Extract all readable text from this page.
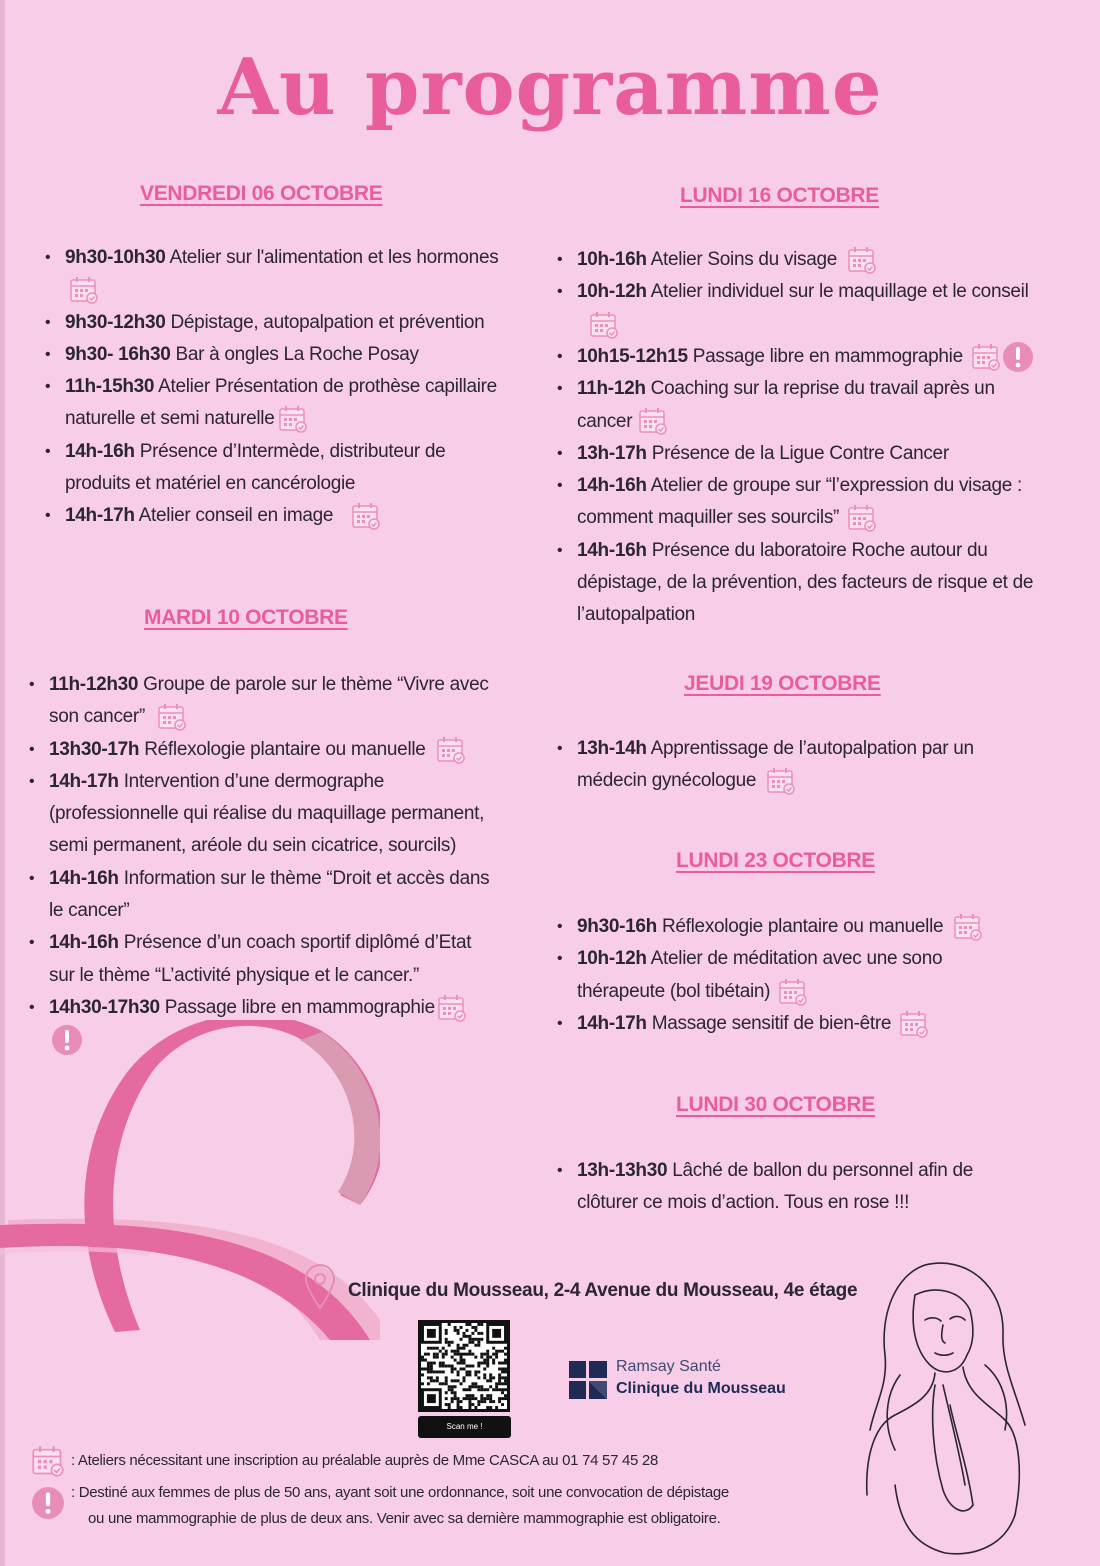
Au programme
VENDREDI 06 OCTOBRE
• 9h30-10h30 Atelier sur l'alimentation et les hormones
• 9h30-12h30 Dépistage, autopalpation et prévention
• 9h30- 16h30 Bar à ongles La Roche Posay
• 11h-15h30 Atelier Présentation de prothèse capillaire naturelle et semi naturelle
• 14h-16h Présence d’Intermède, distributeur de produits et matériel en cancérologie
• 14h-17h Atelier conseil en image
MARDI 10 OCTOBRE
• 11h-12h30 Groupe de parole sur le thème “Vivre avec son cancer”
• 13h30-17h Réflexologie plantaire ou manuelle
• 14h-17h Intervention d’une dermographe (professionnelle qui réalise du maquillage permanent, semi permanent, aréole du sein cicatrice, sourcils)
• 14h-16h Information sur le thème “Droit et accès dans le cancer”
• 14h-16h Présence d’un coach sportif diplômé d’Etat sur le thème “L’activité physique et le cancer.”
• 14h30-17h30 Passage libre en mammographie
LUNDI 16 OCTOBRE
• 10h-16h Atelier Soins du visage
• 10h-12h Atelier individuel sur le maquillage et le conseil
• 10h15-12h15 Passage libre en mammographie
• 11h-12h Coaching sur la reprise du travail après un cancer
• 13h-17h Présence de la Ligue Contre Cancer
• 14h-16h Atelier de groupe sur “l’expression du visage : comment maquiller ses sourcils”
• 14h-16h Présence du laboratoire Roche autour du dépistage, de la prévention, des facteurs de risque et de l’autopalpation
JEUDI 19 OCTOBRE
• 13h-14h Apprentissage de l’autopalpation par un médecin gynécologue
LUNDI 23 OCTOBRE
• 9h30-16h Réflexologie plantaire ou manuelle
• 10h-12h Atelier de méditation avec une sono thérapeute (bol tibétain)
• 14h-17h Massage sensitif de bien-être
LUNDI 30 OCTOBRE
• 13h-13h30 Lâché de ballon du personnel afin de clôturer ce mois d’action. Tous en rose !!!
Clinique du Mousseau, 2-4 Avenue du Mousseau, 4e étage
Scan me !
Ramsay Santé
Clinique du Mousseau
: Ateliers nécessitant une inscription au préalable auprès de Mme CASCA au 01 74 57 45 28
: Destiné aux femmes de plus de 50 ans, ayant soit une ordonnance, soit une convocation de dépistage
ou une mammographie de plus de deux ans. Venir avec sa dernière mammographie est obligatoire.
